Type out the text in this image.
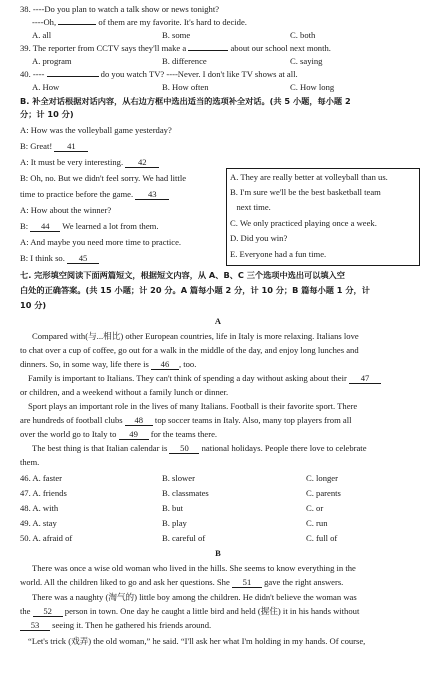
38. ----Do you plan to watch a talk show or news tonight?
----Oh,	of them are my favorite. It's hard to decide.
A. all	B. some	C. both
39. The reporter from CCTV says they'll make a	about our school next month.
A. program	B. difference	C. saying
40. ----	do you watch TV? ----Never. I don't like TV shows at all.
A. How	B. How often	C. How long
B. 补全对话根据对话内容，从右边方框中选出适当的选项补全对话。(共 5 小题，每小题 2
分；计 10 分)
A: How was the volleyball game yesterday?
B: Great! 41
A: It must be very interesting. 42
B: Oh, no. But we didn't feel sorry. We had little
time to practice before the game. 43
A: How about the winner?
B: 44 We learned a lot from them.
A: And maybe you need more time to practice.
B: I think so. 45
A. They are really better at volleyball than us.
B. I'm sure we'll be the best basketball team
next time.
C. We only practiced playing once a week.
D. Did you win?
E. Everyone had a fun time.
七. 完形填空阅读下面两篇短文，根据短文内容，从 A、B、C 三个选项中选出可以填入空
白处的正确答案。(共 15 小题；计 20 分。A 篇每小题 2 分，计 10 分；B 篇每小题 1 分，计
10 分)
A
Compared with(与...相比) other European countries, life in Italy is more relaxing. Italians love
to chat over a cup of coffee, go out for a walk in the middle of the day, and enjoy long lunches and
dinners. So, in some way, life there is 46 , too.
Family is important to Italians. They can't think of spending a day without asking about their 47
or children, and a weekend without a family lunch or dinner.
Sport plays an important role in the lives of many Italians. Football is their favorite sport. There
are hundreds of football clubs 48 top soccer teams in Italy. Also, many top players from all
over the world go to Italy to 49 for the teams there.
The best thing is that Italian calendar is 50 national holidays. People there love to celebrate
them.
46. A. faster	B. slower	C. longer
47. A. friends	B. classmates	C. parents
48. A. with	B. but	C. or
49. A. stay	B. play	C. run
50. A. afraid of	B. careful of	C. full of
B
There was once a wise old woman who lived in the hills. She seems to know everything in the
world. All the children liked to go and ask her questions. She 51 gave the right answers.
There was a naughty (淘气的) little boy among the children. He didn't believe the woman was
the 52 person in town. One day he caught a little bird and held (握住) it in his hands without
53 seeing it. Then he gathered his friends around.
“Let's trick (戏弄) the old woman,” he said. “I'll ask her what I'm holding in my hands. Of course,
